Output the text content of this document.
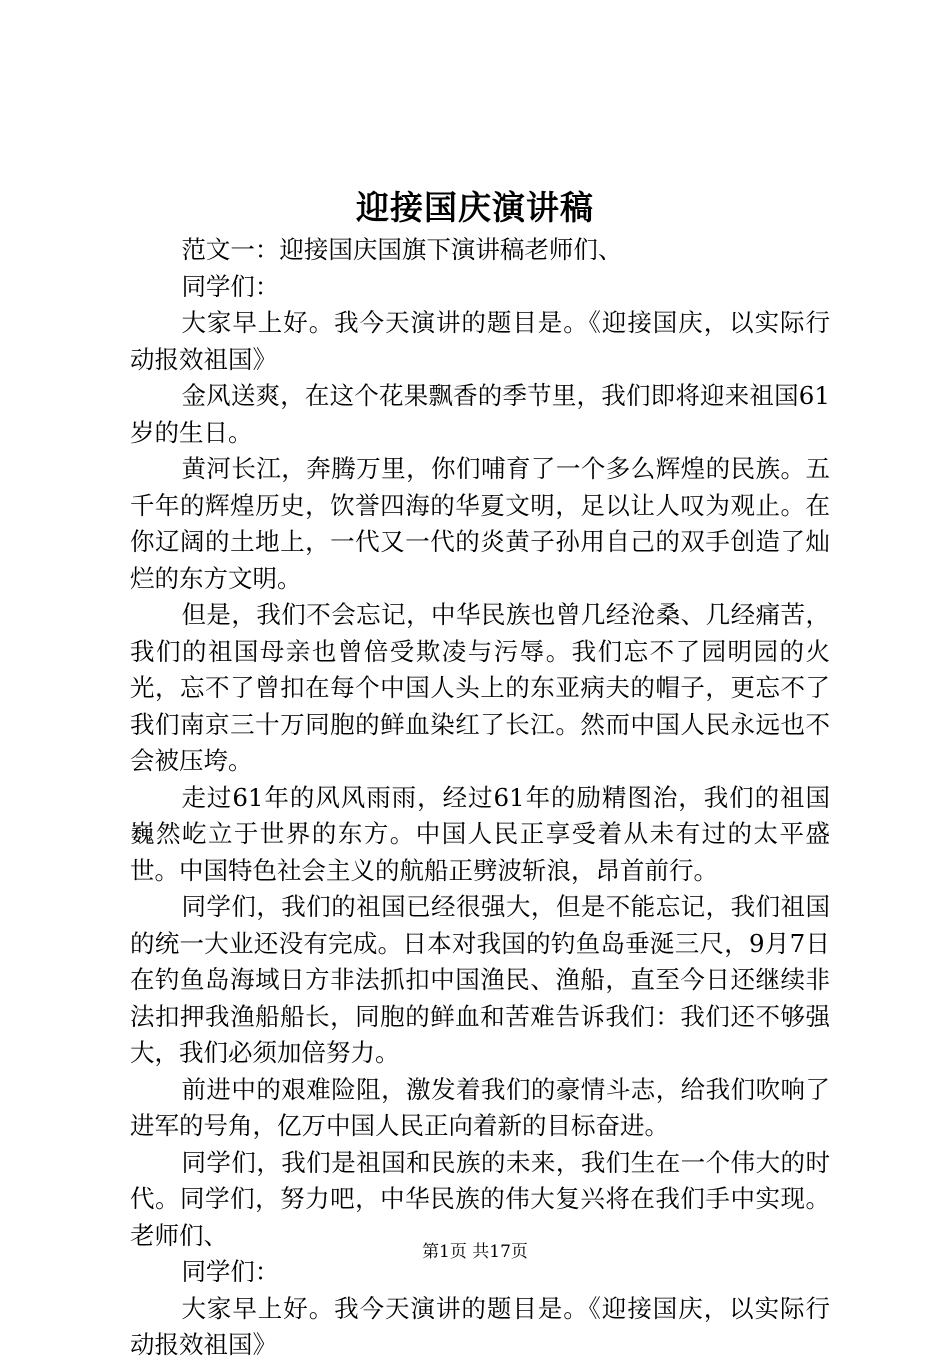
迎接国庆演讲稿

范文一：迎接国庆国旗下演讲稿老师们、

同学们：

大家早上好。我今天演讲的题目是。《迎接国庆，以实际行动报效祖国》

金风送爽，在这个花果飘香的季节里，我们即将迎来祖国61岁的生日。

黄河长江，奔腾万里，你们哺育了一个多么辉煌的民族。五千年的辉煌历史，饮誉四海的华夏文明，足以让人叹为观止。在你辽阔的土地上，一代又一代的炎黄子孙用自己的双手创造了灿烂的东方文明。

但是，我们不会忘记，中华民族也曾几经沧桑、几经痛苦，我们的祖国母亲也曾倍受欺凌与污辱。我们忘不了园明园的火光，忘不了曾扣在每个中国人头上的东亚病夫的帽子，更忘不了我们南京三十万同胞的鲜血染红了长江。然而中国人民永远也不会被压垮。

走过61年的风风雨雨，经过61年的励精图治，我们的祖国巍然屹立于世界的东方。中国人民正享受着从未有过的太平盛世。中国特色社会主义的航船正劈波斩浪，昂首前行。

同学们，我们的祖国已经很强大，但是不能忘记，我们祖国的统一大业还没有完成。日本对我国的钓鱼岛垂涎三尺，9月7日在钓鱼岛海域日方非法抓扣中国渔民、渔船，直至今日还继续非法扣押我渔船船长，同胞的鲜血和苦难告诉我们：我们还不够强大，我们必须加倍努力。

前进中的艰难险阻，激发着我们的豪情斗志，给我们吹响了进军的号角，亿万中国人民正向着新的目标奋进。

同学们，我们是祖国和民族的未来，我们生在一个伟大的时代。同学们，努力吧，中华民族的伟大复兴将在我们手中实现。老师们、

同学们：

大家早上好。我今天演讲的题目是。《迎接国庆，以实际行动报效祖国》

第1页 共17页
